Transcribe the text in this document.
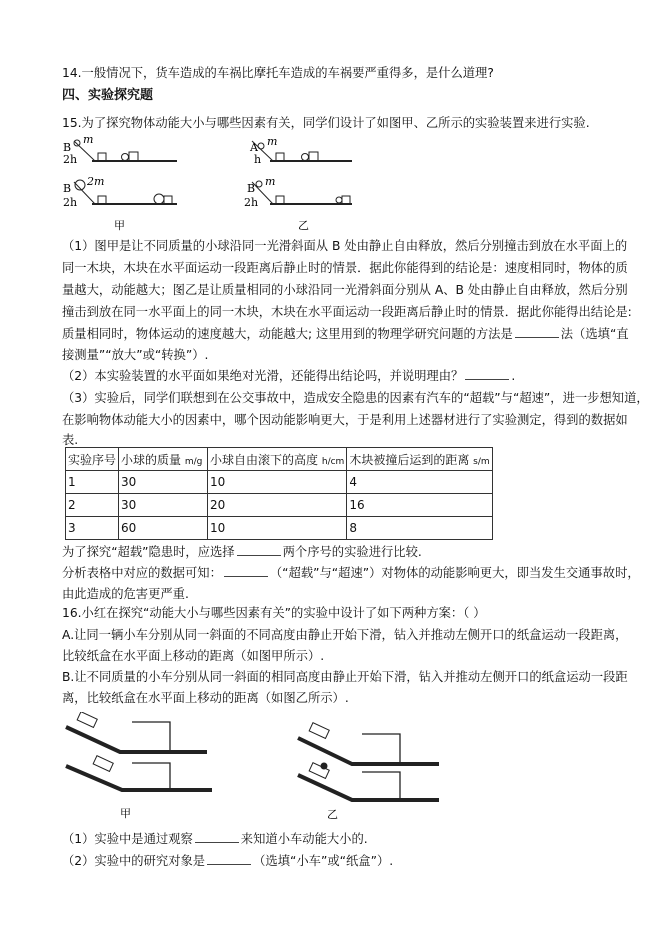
14.一般情况下，货车造成的车祸比摩托车造成的车祸要严重得多，是什么道理?
四、实验探究题
15.为了探究物体动能大小与哪些因素有关，同学们设计了如图甲、乙所示的实验装置来进行实验.
B
m
2h
B
2m
2h
甲
A m
h
B
m
2h
乙
（1）图甲是让不同质量的小球沿同一光滑斜面从 B 处由静止自由释放，然后分别撞击到放在水平面上的
同一木块，木块在水平面运动一段距离后静止时的情景．据此你能得到的结论是：速度相同时，物体的质
量越大，动能越大；图乙是让质量相同的小球沿同一光滑斜面分别从 A、B 处由静止自由释放，然后分别
撞击到放在同一水平面上的同一木块，木块在水平面运动一段距离后静止时的情景．据此你能得出结论是:
质量相同时，物体运动的速度越大，动能越大; 这里用到的物理学研究问题的方法是	法（选填“直
接测量”“放大”或“转换”）.
（2）本实验装置的水平面如果绝对光滑，还能得出结论吗，并说明理由？	.
（3）实验后，同学们联想到在公交事故中，造成安全隐患的因素有汽车的“超载”与“超速”，进一步想知道，
在影响物体动能大小的因素中，哪个因动能影响更大，于是利用上述器材进行了实验测定，得到的数据如
表.
实验序号	小球的质量 m/g	小球自由滚下的高度 h/cm	木块被撞后运到的距离 s/m
1	30	10	4
2	30	20	16
3	60	10	8
为了探究“超载”隐患时，应选择	两个序号的实验进行比较.
分析表格中对应的数据可知：	（“超载”与“超速”）对物体的动能影响更大，即当发生交通事故时，
由此造成的危害更严重.
16.小红在探究“动能大小与哪些因素有关”的实验中设计了如下两种方案：（ ）
A.让同一辆小车分别从同一斜面的不同高度由静止开始下滑，钻入并推动左侧开口的纸盒运动一段距离，
比较纸盒在水平面上移动的距离（如图甲所示）.
B.让不同质量的小车分别从同一斜面的相同高度由静止开始下滑，钻入并推动左侧开口的纸盒运动一段距
离，比较纸盒在水平面上移动的距离（如图乙所示）.
甲	乙
（1）实验中是通过观察	来知道小车动能大小的.
（2）实验中的研究对象是	（选填“小车”或“纸盒”）.
